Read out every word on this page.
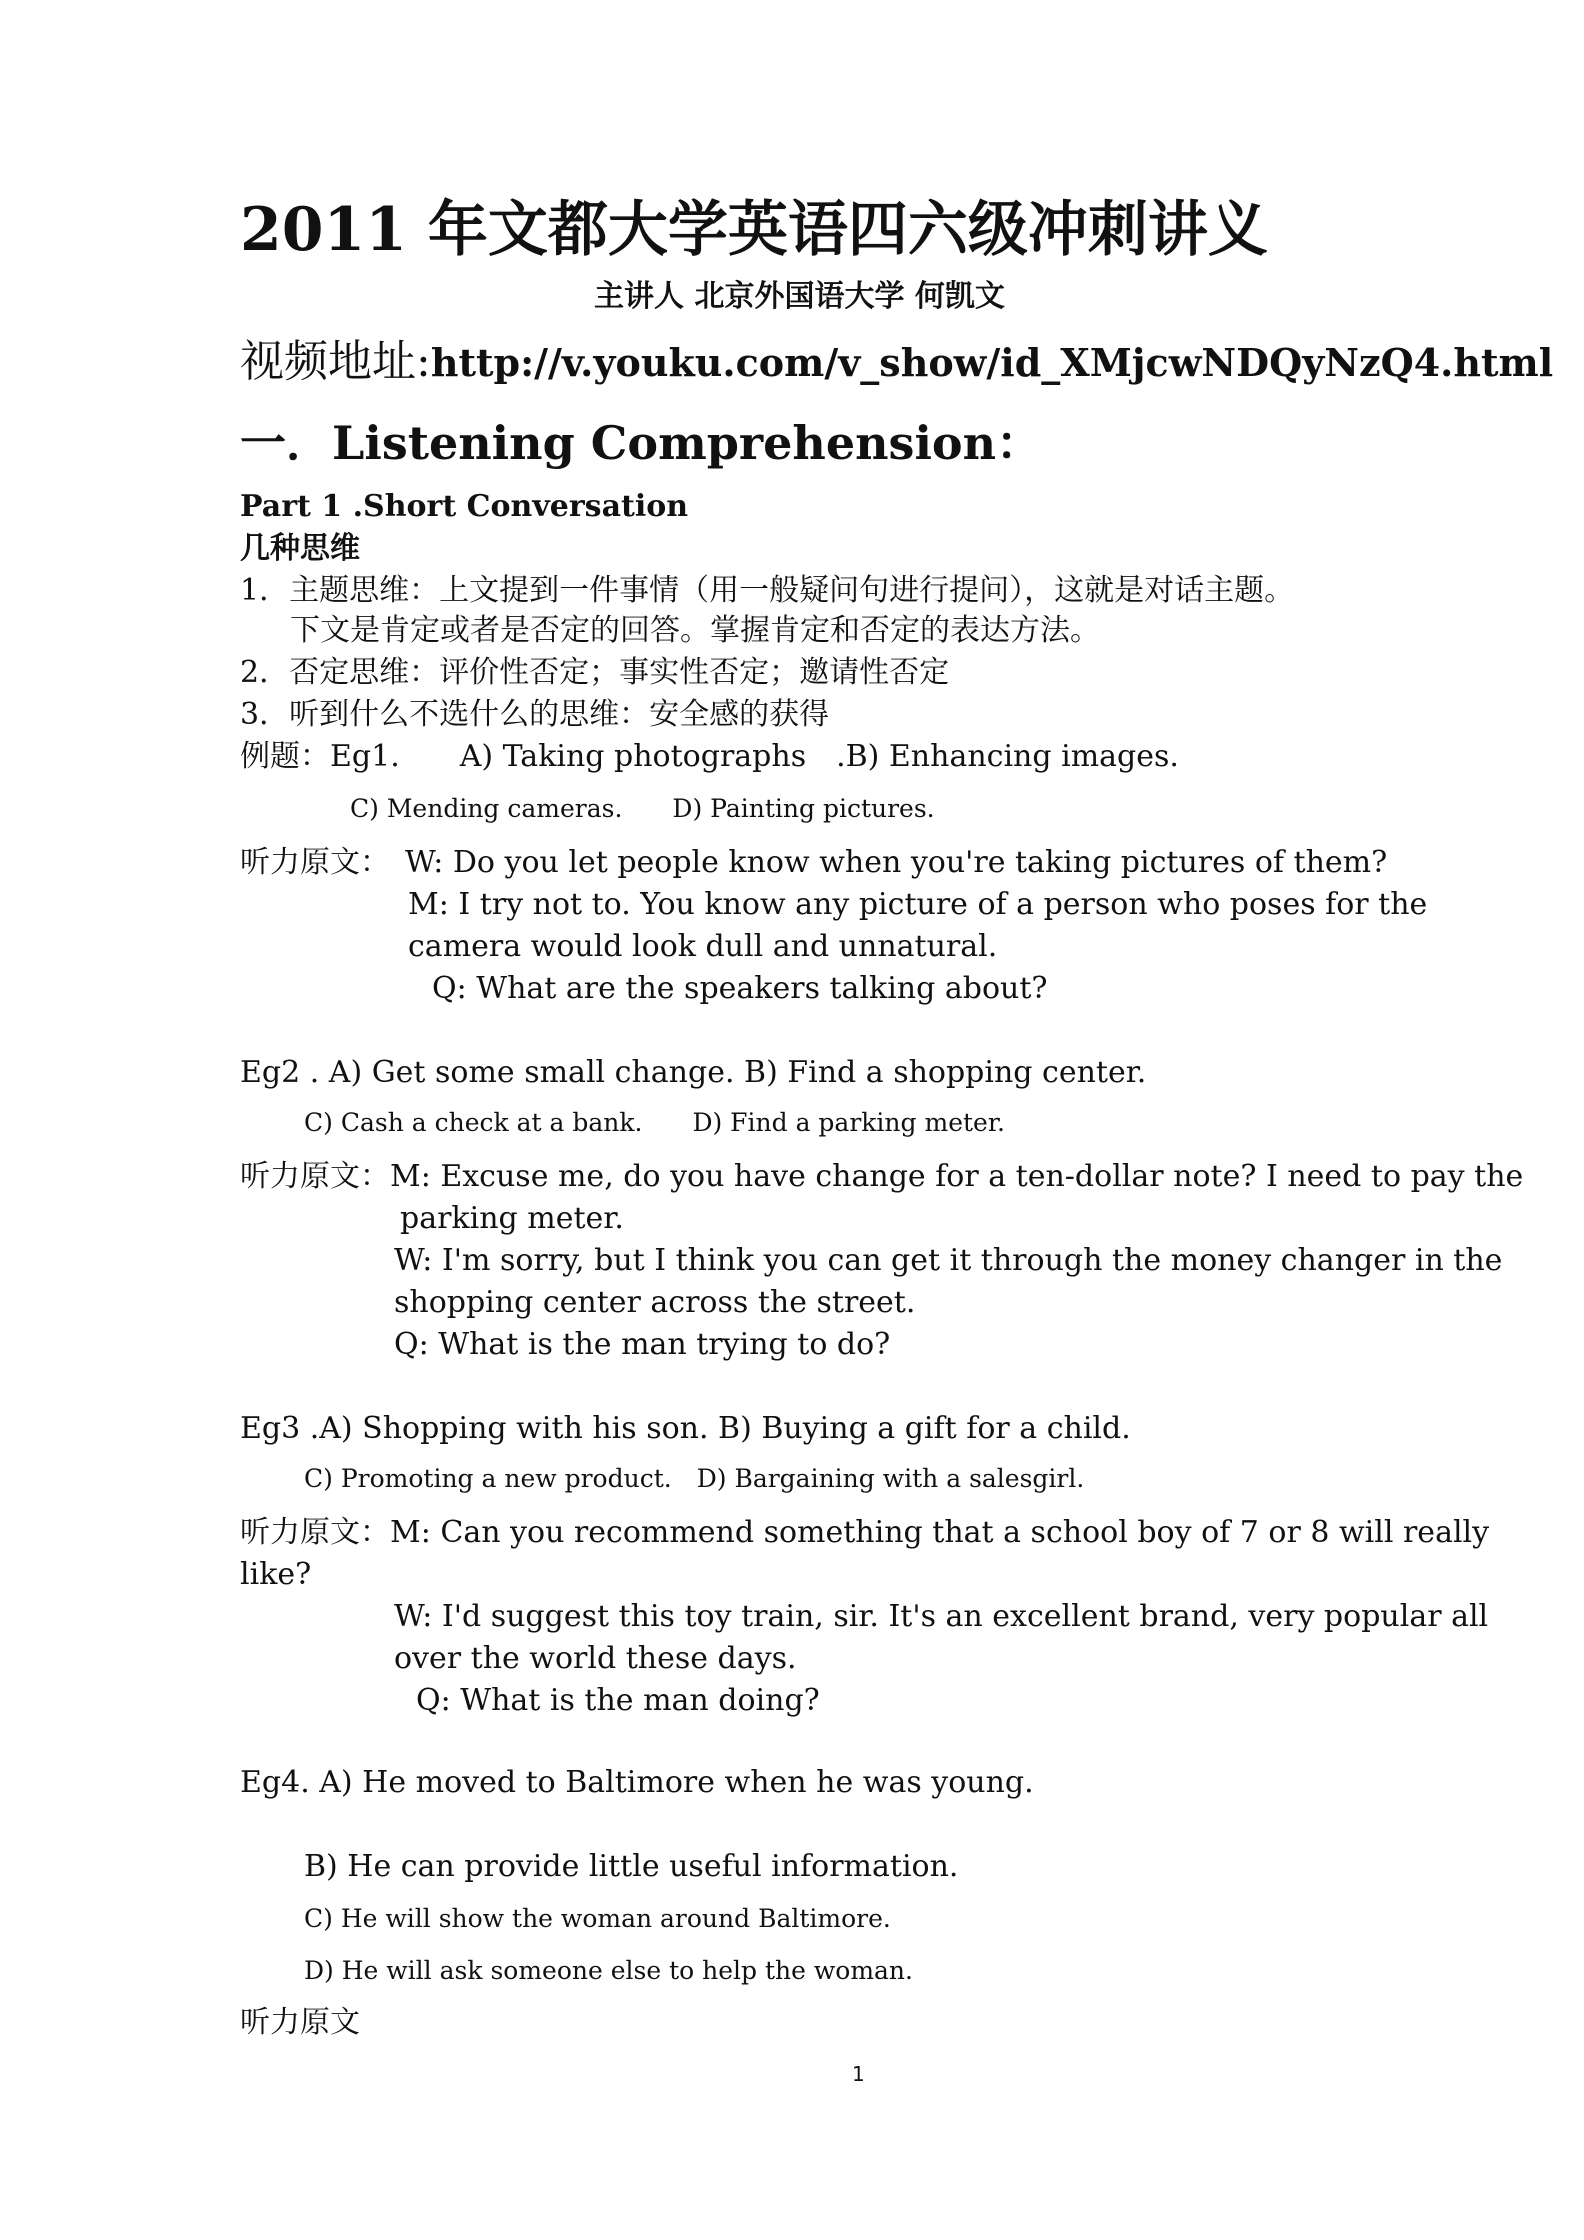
2011 年文都大学英语四六级冲刺讲义
主讲人 北京外国语大学 何凯文
视频地址:http://v.youku.com/v_show/id_XMjcwNDQyNzQ4.html
一．Listening Comprehension：
Part 1 .Short Conversation
几种思维
1．主题思维：上文提到一件事情（用一般疑问句进行提问），这就是对话主题。
下文是肯定或者是否定的回答。掌握肯定和否定的表达方法。
2．否定思维：评价性否定；事实性否定；邀请性否定
3．听到什么不选什么的思维：安全感的获得
例题：Eg1.　　A) Taking photographs　.B) Enhancing images.
C) Mending cameras.　　D) Painting pictures.
听力原文：　W: Do you let people know when you're taking pictures of them?
M: I try not to. You know any picture of a person who poses for the
camera would look dull and unnatural.
Q: What are the speakers talking about?
Eg2 . A) Get some small change. B) Find a shopping center.
C) Cash a check at a bank.　　D) Find a parking meter.
听力原文：M: Excuse me, do you have change for a ten-dollar note? I need to pay the
parking meter.
W: I'm sorry, but I think you can get it through the money changer in the
shopping center across the street.
Q: What is the man trying to do?
Eg3 .A) Shopping with his son. B) Buying a gift for a child.
C) Promoting a new product.　D) Bargaining with a salesgirl.
听力原文：M: Can you recommend something that a school boy of 7 or 8 will really
like?
W: I'd suggest this toy train, sir. It's an excellent brand, very popular all
over the world these days.
Q: What is the man doing?
Eg4. A) He moved to Baltimore when he was young.
B) He can provide little useful information.
C) He will show the woman around Baltimore.
D) He will ask someone else to help the woman.
听力原文
1
